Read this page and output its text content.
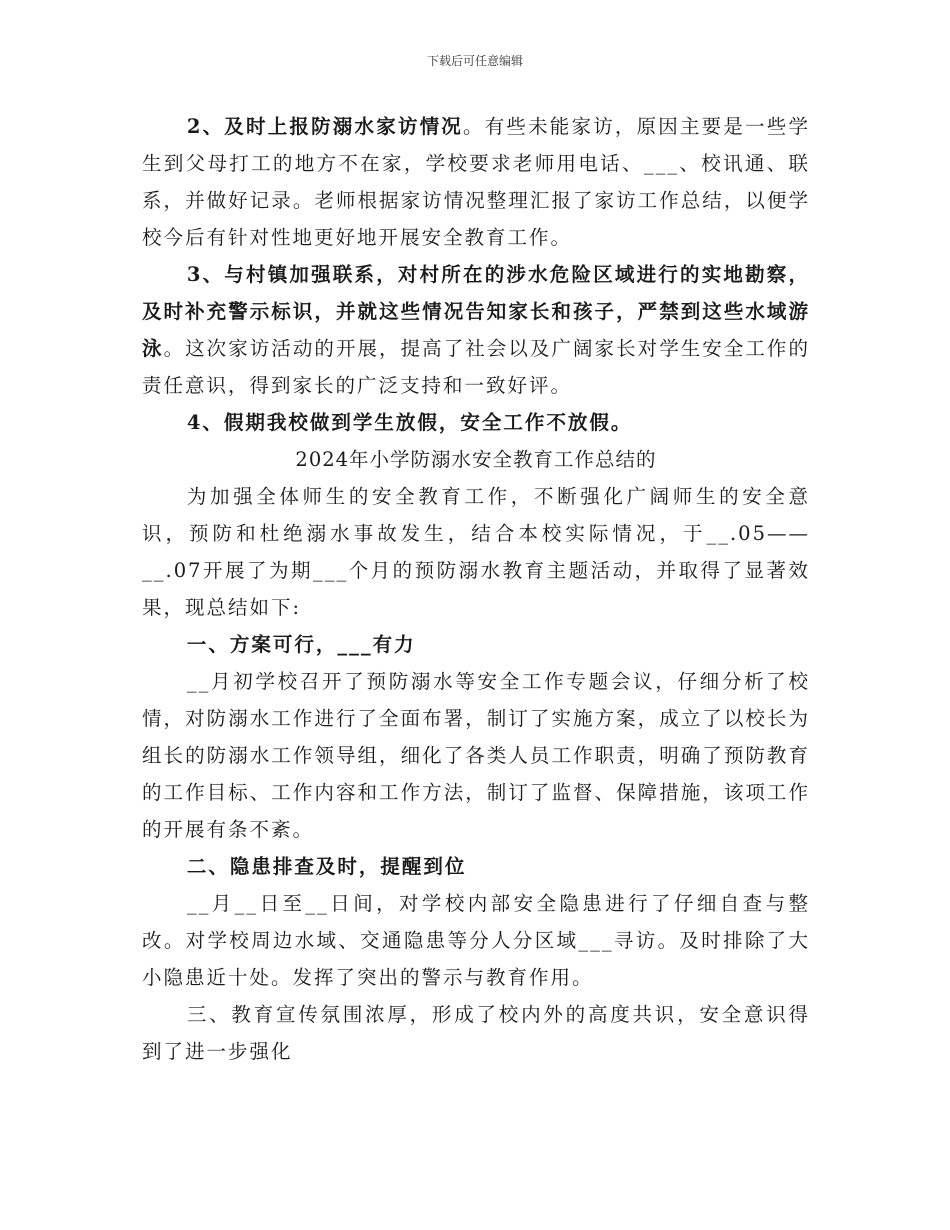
下载后可任意编辑

2、及时上报防溺水家访情况。有些未能家访，原因主要是一些学生到父母打工的地方不在家，学校要求老师用电话、___、校讯通、联系，并做好记录。老师根据家访情况整理汇报了家访工作总结，以便学校今后有针对性地更好地开展安全教育工作。

3、与村镇加强联系，对村所在的涉水危险区域进行的实地勘察，及时补充警示标识，并就这些情况告知家长和孩子，严禁到这些水域游泳。这次家访活动的开展，提高了社会以及广阔家长对学生安全工作的责任意识，得到家长的广泛支持和一致好评。

4、假期我校做到学生放假，安全工作不放假。

2024年小学防溺水安全教育工作总结的

为加强全体师生的安全教育工作，不断强化广阔师生的安全意识，预防和杜绝溺水事故发生，结合本校实际情况，于__.05——__.07开展了为期___个月的预防溺水教育主题活动，并取得了显著效果，现总结如下:

一、方案可行，___有力

__月初学校召开了预防溺水等安全工作专题会议，仔细分析了校情，对防溺水工作进行了全面布署，制订了实施方案，成立了以校长为组长的防溺水工作领导组，细化了各类人员工作职责，明确了预防教育的工作目标、工作内容和工作方法，制订了监督、保障措施，该项工作的开展有条不紊。

二、隐患排查及时，提醒到位

__月__日至__日间，对学校内部安全隐患进行了仔细自查与整改。对学校周边水域、交通隐患等分人分区域___寻访。及时排除了大小隐患近十处。发挥了突出的警示与教育作用。

三、教育宣传氛围浓厚，形成了校内外的高度共识，安全意识得到了进一步强化
